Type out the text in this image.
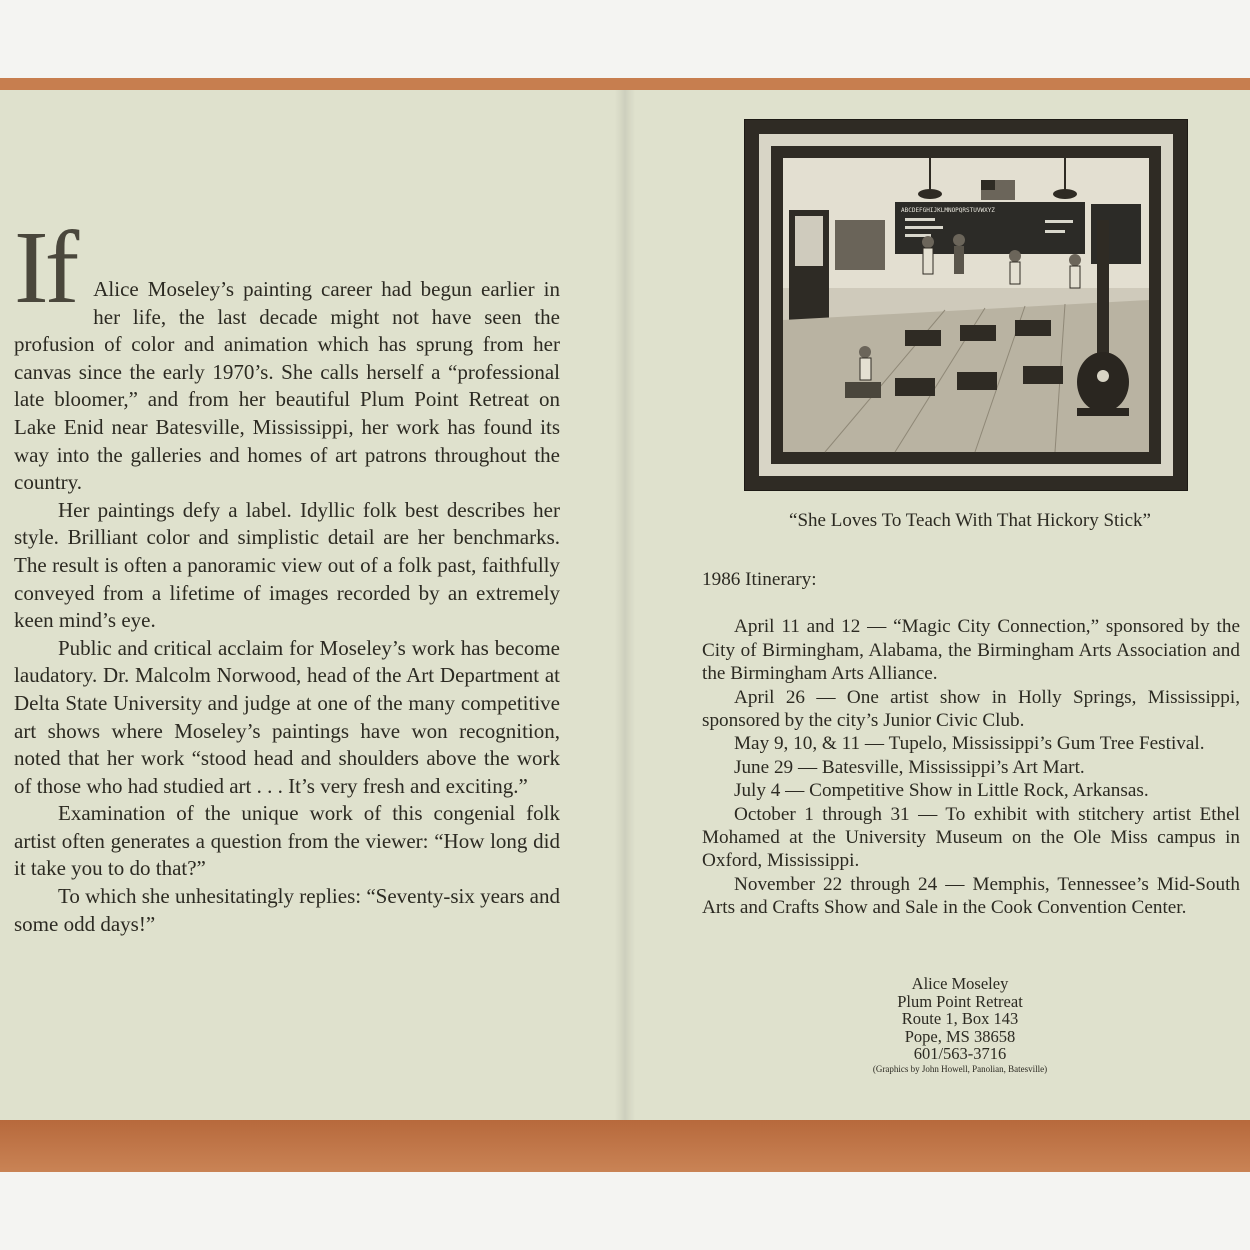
If Alice Moseley’s painting career had begun earlier in her life, the last decade might not have seen the profusion of color and animation which has sprung from her canvas since the early 1970’s. She calls herself a “professional late bloomer,” and from her beautiful Plum Point Retreat on Lake Enid near Batesville, Mississippi, her work has found its way into the galleries and homes of art patrons throughout the country.

Her paintings defy a label. Idyllic folk best describes her style. Brilliant color and simplistic detail are her benchmarks. The result is often a panoramic view out of a folk past, faithfully conveyed from a lifetime of images recorded by an extremely keen mind’s eye.

Public and critical acclaim for Moseley’s work has become laudatory. Dr. Malcolm Norwood, head of the Art Department at Delta State University and judge at one of the many competitive art shows where Moseley’s paintings have won recognition, noted that her work “stood head and shoulders above the work of those who had studied art . . . It’s very fresh and exciting.”

Examination of the unique work of this congenial folk artist often generates a question from the viewer: “How long did it take you to do that?”

To which she unhesitatingly replies: “Seventy-six years and some odd days!”

ABCDEFGHIJKLMNOPQRSTUVWXYZ
“She Loves To Teach With That Hickory Stick”

1986 Itinerary:

April 11 and 12 — “Magic City Connection,” sponsored by the City of Birmingham, Alabama, the Birmingham Arts Association and the Birmingham Arts Alliance.

April 26 — One artist show in Holly Springs, Mississippi, sponsored by the city’s Junior Civic Club.

May 9, 10, & 11 — Tupelo, Mississippi’s Gum Tree Festival.

June 29 — Batesville, Mississippi’s Art Mart.

July 4 — Competitive Show in Little Rock, Arkansas.

October 1 through 31 — To exhibit with stitchery artist Ethel Mohamed at the University Museum on the Ole Miss campus in Oxford, Mississippi.

November 22 through 24 — Memphis, Tennessee’s Mid-South Arts and Crafts Show and Sale in the Cook Convention Center.

Alice Moseley
Plum Point Retreat
Route 1, Box 143
Pope, MS 38658
601/563-3716
(Graphics by John Howell, Panolian, Batesville)
